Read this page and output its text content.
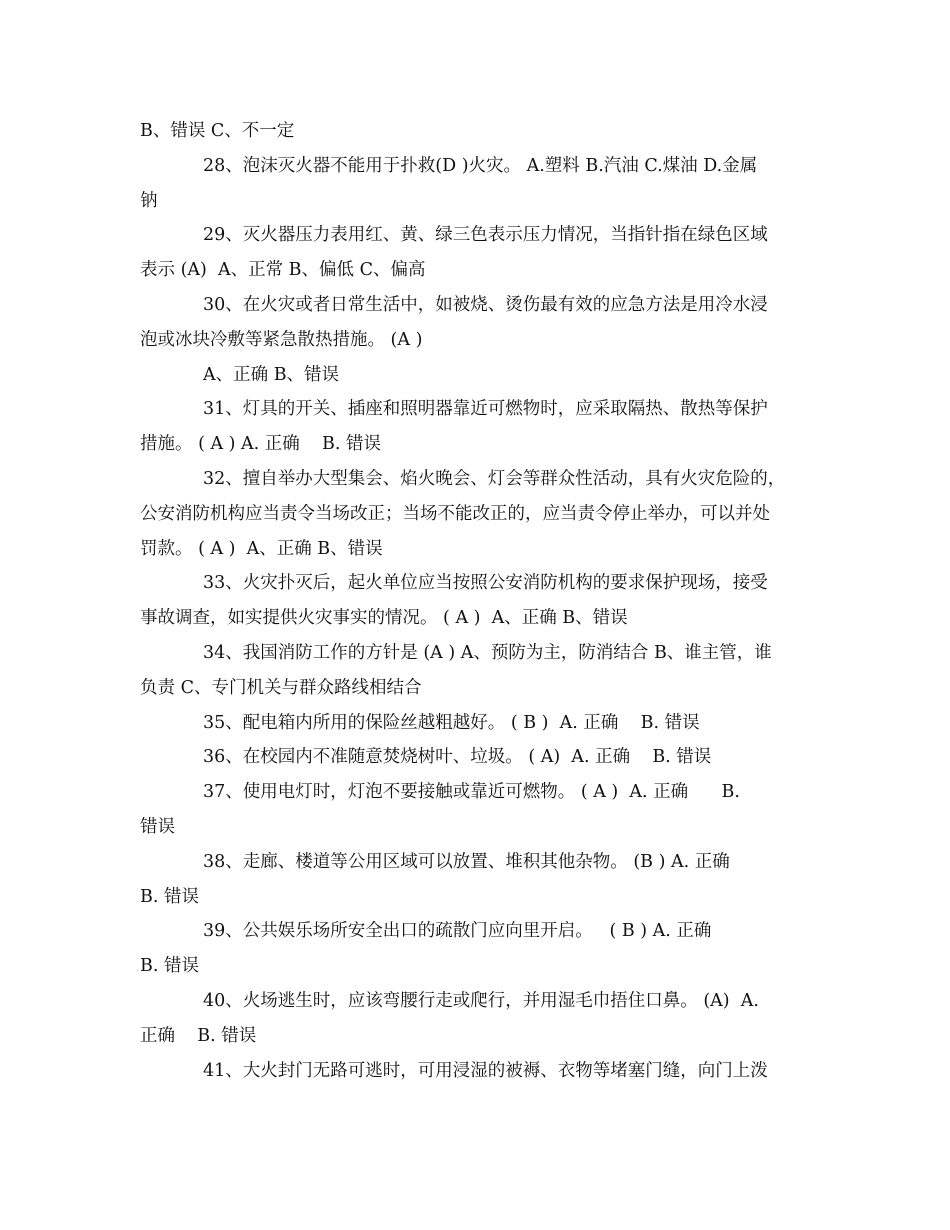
B、错误 C、不一定
28、泡沫灭火器不能用于扑救(D )火灾。 A.塑料 B.汽油 C.煤油 D.金属
钠
29、灭火器压力表用红、黄、绿三色表示压力情况，当指针指在绿色区域
表示 (A)  A、正常 B、偏低 C、偏高
30、在火灾或者日常生活中，如被烧、烫伤最有效的应急方法是用冷水浸
泡或冰块冷敷等紧急散热措施。 (A )
A、正确 B、错误
31、灯具的开关、插座和照明器靠近可燃物时，应采取隔热、散热等保护
措施。 ( A ) A. 正确    B. 错误
32、擅自举办大型集会、焰火晚会、灯会等群众性活动，具有火灾危险的，
公安消防机构应当责令当场改正；当场不能改正的，应当责令停止举办，可以并处
罚款。 ( A )  A、正确 B、错误
33、火灾扑灭后，起火单位应当按照公安消防机构的要求保护现场，接受
事故调查，如实提供火灾事实的情况。 ( A )  A、正确 B、错误
34、我国消防工作的方针是 (A ) A、预防为主，防消结合 B、谁主管，谁
负责 C、专门机关与群众路线相结合
35、配电箱内所用的保险丝越粗越好。 ( B )  A. 正确    B. 错误
36、在校园内不准随意焚烧树叶、垃圾。 ( A)  A. 正确    B. 错误
37、使用电灯时，灯泡不要接触或靠近可燃物。 ( A )  A. 正确      B.
错误
38、走廊、楼道等公用区域可以放置、堆积其他杂物。 (B ) A. 正确
B. 错误
39、公共娱乐场所安全出口的疏散门应向里开启。   ( B ) A. 正确
B. 错误
40、火场逃生时，应该弯腰行走或爬行，并用湿毛巾捂住口鼻。 (A)  A.
正确    B. 错误
41、大火封门无路可逃时，可用浸湿的被褥、衣物等堵塞门缝，向门上泼
